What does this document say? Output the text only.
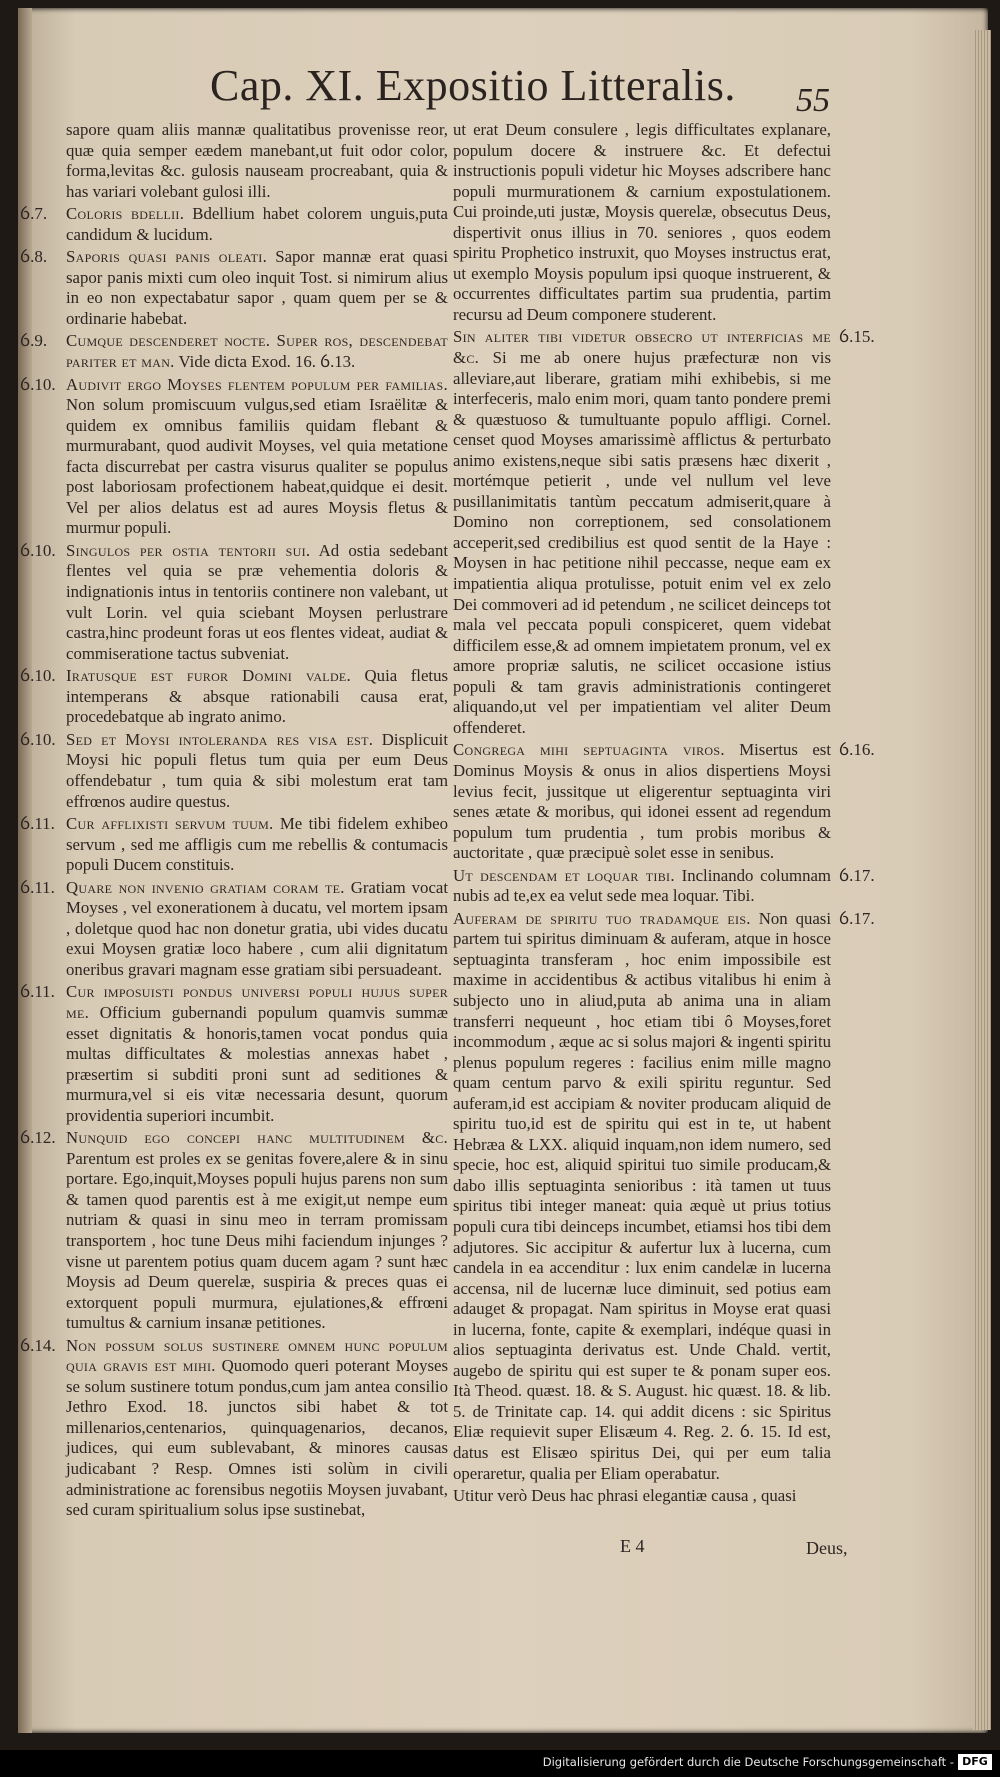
Cap. XI. Expositio Litteralis. 55
sapore quam aliis mannæ qualitatibus provenisse reor, quæ quia semper eædem manebant,ut fuit odor color, forma,levitas &c. gulosis nauseam procreabant, quia & has variari volebant gulosi illi.
Coloris bdellii. Bdellium habet colorem unguis,puta candidum & lucidum.
ỽ.7.
Saporis quasi panis oleati. Sapor mannæ erat quasi sapor panis mixti cum oleo inquit Tost. si nimirum alius in eo non expectabatur sapor , quam quem per se & ordinarie habebat.
ỽ.8.
Cumque descenderet nocte. Super ros, descendebat pariter et man. Vide dicta Exod. 16. ỽ.13.
ỽ.9.
Audivit ergo Moyses flentem populum per familias. Non solum promiscuum vulgus,sed etiam Israëlitæ & quidem ex omnibus familiis quidam flebant & murmurabant, quod audivit Moyses, vel quia metatione facta discurrebat per castra visurus qualiter se populus post laboriosam profectionem habeat,quidque ei desit. Vel per alios delatus est ad aures Moysis fletus & murmur populi.
ỽ.10.
Singulos per ostia tentorii sui. Ad ostia sedebant flentes vel quia se præ vehementia doloris & indignationis intus in tentoriis continere non valebant, ut vult Lorin. vel quia sciebant Moysen perlustrare castra,hinc prodeunt foras ut eos flentes videat, audiat & commiseratione tactus subveniat.
ỽ.10.
Iratusque est furor Domini valde. Quia fletus intemperans & absque rationabili causa erat, procedebatque ab ingrato animo.
ỽ.10.
Sed et Moysi intoleranda res visa est. Displicuit Moysi hic populi fletus tum quia per eum Deus offendebatur , tum quia & sibi molestum erat tam effrœnos audire questus.
ỽ.10.
Cur afflixisti servum tuum. Me tibi fidelem exhibeo servum , sed me affligis cum me rebellis & contumacis populi Ducem constituis.
ỽ.11.
Quare non invenio gratiam coram te. Gratiam vocat Moyses , vel exonerationem à ducatu, vel mortem ipsam , doletque quod hac non donetur gratia, ubi vides ducatu exui Moysen gratiæ loco habere , cum alii dignitatum oneribus gravari magnam esse gratiam sibi persuadeant.
ỽ.11.
Cur imposuisti pondus universi populi hujus super me. Officium gubernandi populum quamvis summæ esset dignitatis & honoris,tamen vocat pondus quia multas difficultates & molestias annexas habet , præsertim si subditi proni sunt ad seditiones & murmura,vel si eis vitæ necessaria desunt, quorum providentia superiori incumbit.
ỽ.11.
Nunquid ego concepi hanc multitudinem &c. Parentum est proles ex se genitas fovere,alere & in sinu portare. Ego,inquit,Moyses populi hujus parens non sum & tamen quod parentis est à me exigit,ut nempe eum nutriam & quasi in sinu meo in terram promissam transportem , hoc tune Deus mihi faciendum injunges ? visne ut parentem potius quam ducem agam ? sunt hæc Moysis ad Deum querelæ, suspiria & preces quas ei extorquent populi murmura, ejulationes,& effrœni tumultus & carnium insanæ petitiones.
ỽ.12.
Non possum solus sustinere omnem hunc populum quia gravis est mihi. Quomodo queri poterant Moyses se solum sustinere totum pondus,cum jam antea consilio Jethro Exod. 18. junctos sibi habet & tot millenarios,centenarios, quinquagenarios, decanos, judices, qui eum sublevabant, & minores causas judicabant ? Resp. Omnes isti solùm in civili administratione ac forensibus negotiis Moysen juvabant, sed curam spiritualium solus ipse sustinebat,
ỽ.14.
ut erat Deum consulere , legis difficultates explanare, populum docere & instruere &c. Et defectui instructionis populi videtur hic Moyses adscribere hanc populi murmurationem & carnium expostulationem. Cui proinde,uti justæ, Moysis querelæ, obsecutus Deus, dispertivit onus illius in 70. seniores , quos eodem spiritu Prophetico instruxit, quo Moyses instructus erat, ut exemplo Moysis populum ipsi quoque instruerent, & occurrentes difficultates partim sua prudentia, partim recursu ad Deum componere studerent.
Sin aliter tibi videtur obsecro ut interficias me &c. Si me ab onere hujus præfecturæ non vis alleviare,aut liberare, gratiam mihi exhibebis, si me interfeceris, malo enim mori, quam tanto pondere premi & quæstuoso & tumultuante populo affligi. Cornel. censet quod Moyses amarissimè afflictus & perturbato animo existens,neque sibi satis præsens hæc dixerit , mortémque petierit , unde vel nullum vel leve pusillanimitatis tantùm peccatum admiserit,quare à Domino non correptionem, sed consolationem acceperit,sed credibilius est quod sentit de la Haye : Moysen in hac petitione nihil peccasse, neque eam ex impatientia aliqua protulisse, potuit enim vel ex zelo Dei commoveri ad id petendum , ne scilicet deinceps tot mala vel peccata populi conspiceret, quem videbat difficilem esse,& ad omnem impietatem pronum, vel ex amore propriæ salutis, ne scilicet occasione istius populi & tam gravis administrationis contingeret aliquando,ut vel per impatientiam vel aliter Deum offenderet.
ỽ.15.
Congrega mihi septuaginta viros. Misertus est Dominus Moysis & onus in alios dispertiens Moysi levius fecit, jussitque ut eligerentur septuaginta viri senes ætate & moribus, qui idonei essent ad regendum populum tum prudentia , tum probis moribus & auctoritate , quæ præcipuè solet esse in senibus.
ỽ.16.
Ut descendam et loquar tibi. Inclinando columnam nubis ad te,ex ea velut sede mea loquar. Tibi.
ỽ.17.
Auferam de spiritu tuo tradamque eis. Non quasi partem tui spiritus diminuam & auferam, atque in hosce septuaginta transferam , hoc enim impossibile est maxime in accidentibus & actibus vitalibus hi enim à subjecto uno in aliud,puta ab anima una in aliam transferri nequeunt , hoc etiam tibi ô Moyses,foret incommodum , æque ac si solus majori & ingenti spiritu plenus populum regeres : facilius enim mille magno quam centum parvo & exili spiritu reguntur. Sed auferam,id est accipiam & noviter producam aliquid de spiritu tuo,id est de spiritu qui est in te, ut habent Hebræa & LXX. aliquid inquam,non idem numero, sed specie, hoc est, aliquid spiritui tuo simile producam,& dabo illis septuaginta senioribus : ità tamen ut tuus spiritus tibi integer maneat: quia æquè ut prius totius populi cura tibi deinceps incumbet, etiamsi hos tibi dem adjutores. Sic accipitur & aufertur lux à lucerna, cum candela in ea accenditur : lux enim candelæ in lucerna accensa, nil de lucernæ luce diminuit, sed potius eam adauget & propagat. Nam spiritus in Moyse erat quasi in lucerna, fonte, capite & exemplari, indéque quasi in alios septuaginta derivatus est. Unde Chald. vertit, augebo de spiritu qui est super te & ponam super eos. Ità Theod. quæst. 18. & S. August. hic quæst. 18. & lib. 5. de Trinitate cap. 14. qui addit dicens : sic Spiritus Eliæ requievit super Elisæum 4. Reg. 2. ỽ. 15. Id est, datus est Elisæo spiritus Dei, qui per eum talia operaretur, qualia per Eliam operabatur.
ỽ.17.
Utitur verò Deus hac phrasi elegantiæ causa , quasi
E 4	Deus,
Digitalisierung gefördert durch die Deutsche Forschungsgemeinschaft - DFG
